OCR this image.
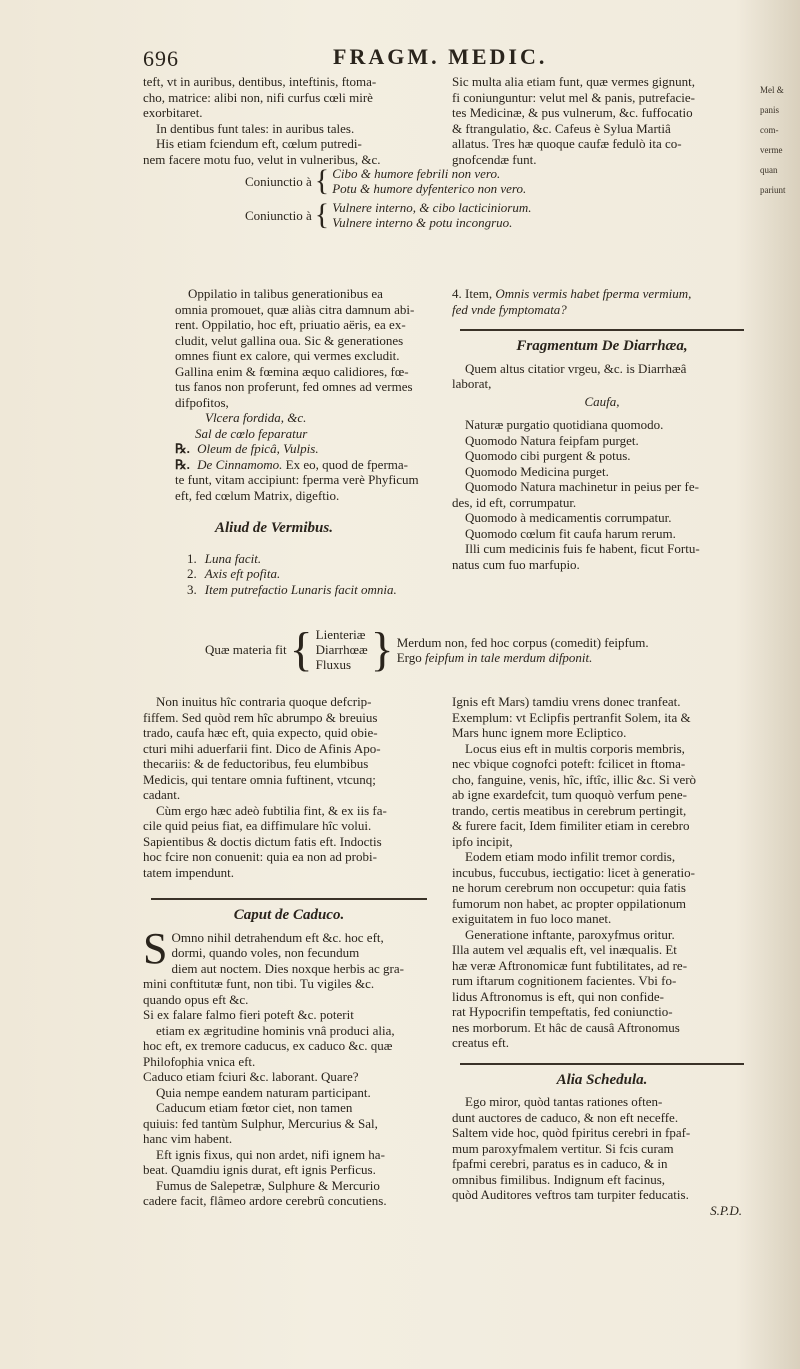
696	FRAGM. MEDIC.

teft, vt in auribus, dentibus, inteftinis, ftoma-

cho, matrice: alibi non, nifi curfus cœli mirè

exorbitaret.

In dentibus funt tales: in auribus tales.

His etiam fciendum eft, cœlum putredi-

nem facere motu fuo, velut in vulneribus, &c.

Sic multa alia etiam funt, quæ vermes gignunt,

fi coniunguntur: velut mel & panis, putrefacie-

tes Medicinæ, & pus vulnerum, &c. fuffocatio

& ftrangulatio, &c. Cafeus è Sylua Martiâ

allatus. Tres hæ quoque caufæ fedulò ita co-

gnofcendæ funt.

Mel &

panis

com-

verme

quan

pariunt

Coniunctio à { Cibo & humore febrili non vero.
Potu & humore dyfenterico non vero.
Coniunctio à { Vulnere interno, & cibo lacticiniorum.
Vulnere interno & potu incongruo.

Oppilatio in talibus generationibus ea

omnia promouet, quæ aliàs citra damnum abi-

rent. Oppilatio, hoc eft, priuatio aëris, ea ex-

cludit, velut gallina oua. Sic & generationes

omnes fiunt ex calore, qui vermes excludit.

Gallina enim & fœmina æquo calidiores, fœ-

tus fanos non proferunt, fed omnes ad vermes

difpofitos,

Vlcera fordida, &c.

Sal de cœlo feparatur

℞. Oleum de fpicâ, Vulpis.

℞. De Cinnamomo. Ex eo, quod de fperma-

te funt, vitam accipiunt: fperma verè Phyficum

eft, fed cœlum Matrix, digeftio.

Aliud de Vermibus.

1. Luna facit.

2. Axis eft pofita.

3. Item putrefactio Lunaris facit omnia.

4. Item, Omnis vermis habet fperma vermium,

fed vnde fymptomata?

Fragmentum De Diarrhæa,

Quem altus citatior vrgeu, &c. is Diarrhæâ

laborat,

Caufa,

Naturæ purgatio quotidiana quomodo.

Quomodo Natura feipfam purget.

Quomodo cibi purgent & potus.

Quomodo Medicina purget.

Quomodo Natura machinetur in peius per fe-

des, id eft, corrumpatur.

Quomodo à medicamentis corrumpatur.

Quomodo cœlum fit caufa harum rerum.

Illi cum medicinis fuis fe habent, ficut Fortu-

natus cum fuo marfupio.

Quæ materia fit { Lienteriæ
Diarrhœæ
Fluxus } Merdum non, fed hoc corpus (comedit) feipfum.
Ergo feipfum in tale merdum difponit.

Non inuitus hîc contraria quoque defcrip-

fiffem. Sed quòd rem hîc abrumpo & breuius

trado, caufa hæc eft, quia expecto, quid obie-

cturi mihi aduerfarii fint. Dico de Afinis Apo-

thecariis: & de feductoribus, feu elumbibus

Medicis, qui tentare omnia fuftinent, vtcunq;

cadant.

Cùm ergo hæc adeò fubtilia fint, & ex iis fa-

cile quid peius fiat, ea diffimulare hîc volui.

Sapientibus & doctis dictum fatis eft. Indoctis

hoc fcire non conuenit: quia ea non ad probi-

tatem impendunt.

Caput de Caduco.
S Omno nihil detrahendum eft &c. hoc eft,

dormi, quando voles, non fecundum

diem aut noctem. Dies noxque herbis ac gra-

mini conftitutæ funt, non tibi. Tu vigiles &c.

quando opus eft &c.

Si ex falare falmo fieri poteft &c. poterit

etiam ex ægritudine hominis vnâ produci alia,

hoc eft, ex tremore caducus, ex caduco &c. quæ

Philofophia vnica eft.

Caduco etiam fciuri &c. laborant. Quare?

Quia nempe eandem naturam participant.

Caducum etiam fœtor ciet, non tamen

quiuis: fed tantùm Sulphur, Mercurius & Sal,

hanc vim habent.

Eft ignis fixus, qui non ardet, nifi ignem ha-

beat. Quamdiu ignis durat, eft ignis Perficus.

Fumus de Salepetræ, Sulphure & Mercurio

cadere facit, flâmeo ardore cerebrû concutiens.

Ignis eft Mars) tamdiu vrens donec tranfeat.

Exemplum: vt Eclipfis pertranfit Solem, ita &

Mars hunc ignem more Ecliptico.

Locus eius eft in multis corporis membris,

nec vbique cognofci poteft: fcilicet in ftoma-

cho, fanguine, venis, hîc, iftîc, illic &c. Si verò

ab igne exardefcit, tum quoquò verfum pene-

trando, certis meatibus in cerebrum pertingit,

& furere facit, Idem fimiliter etiam in cerebro

ipfo incipit,

Eodem etiam modo infilit tremor cordis,

incubus, fuccubus, iectigatio: licet à generatio-

ne horum cerebrum non occupetur: quia fatis

fumorum non habet, ac propter oppilationum

exiguitatem in fuo loco manet.

Generatione inftante, paroxyfmus oritur.

Illa autem vel æqualis eft, vel inæqualis. Et

hæ veræ Aftronomicæ funt fubtilitates, ad re-

rum iftarum cognitionem facientes. Vbi fo-

lidus Aftronomus is eft, qui non confide-

rat Hypocrifin tempeftatis, fed coniunctio-

nes morborum. Et hâc de causâ Aftronomus

creatus eft.

Alia Schedula.

Ego miror, quòd tantas rationes often-

dunt auctores de caduco, & non eft neceffe.

Saltem vide hoc, quòd fpiritus cerebri in fpaf-

mum paroxyfmalem vertitur. Si fcis curam

fpafmi cerebri, paratus es in caduco, & in

omnibus fimilibus. Indignum eft facinus,

quòd Auditores veftros tam turpiter feducatis.

S.P.D.
